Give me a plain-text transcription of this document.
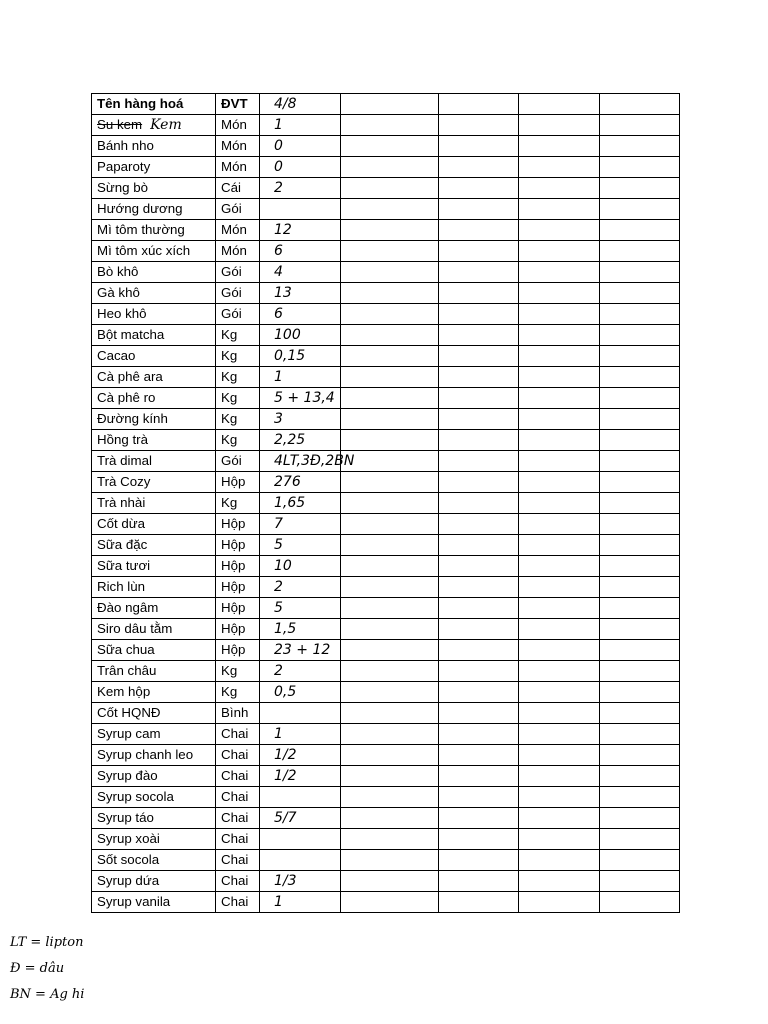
Tên hàng hoá	ĐVT	4/8				
Su kem Kem	Món	1				
Bánh nho	Món	0				
Paparoty	Món	0				
Sừng bò	Cái	2				
Hướng dương	Gói					
Mì tôm thường	Món	12				
Mì tôm xúc xích	Món	6				
Bò khô	Gói	4				
Gà khô	Gói	13				
Heo khô	Gói	6				
Bột matcha	Kg	100				
Cacao	Kg	0,15				
Cà phê ara	Kg	1				
Cà phê ro	Kg	5 + 13,4				
Đường kính	Kg	3				
Hồng trà	Kg	2,25				
Trà dimal	Gói	4LT,3Đ,2BN				
Trà Cozy	Hộp	276				
Trà nhài	Kg	1,65				
Cốt dừa	Hộp	7				
Sữa đặc	Hộp	5				
Sữa tươi	Hộp	10				
Rich lùn	Hộp	2				
Đào ngâm	Hộp	5				
Siro dâu tằm	Hộp	1,5				
Sữa chua	Hộp	23 + 12				
Trân châu	Kg	2				
Kem hộp	Kg	0,5				
Cốt HQNĐ	Bình					
Syrup cam	Chai	1				
Syrup chanh leo	Chai	1/2				
Syrup đào	Chai	1/2				
Syrup socola	Chai					
Syrup táo	Chai	5/7				
Syrup xoài	Chai					
Sốt socola	Chai					
Syrup dứa	Chai	1/3				
Syrup vanila	Chai	1				
LT = lipton
Đ = dâu
BN = Ag hi
